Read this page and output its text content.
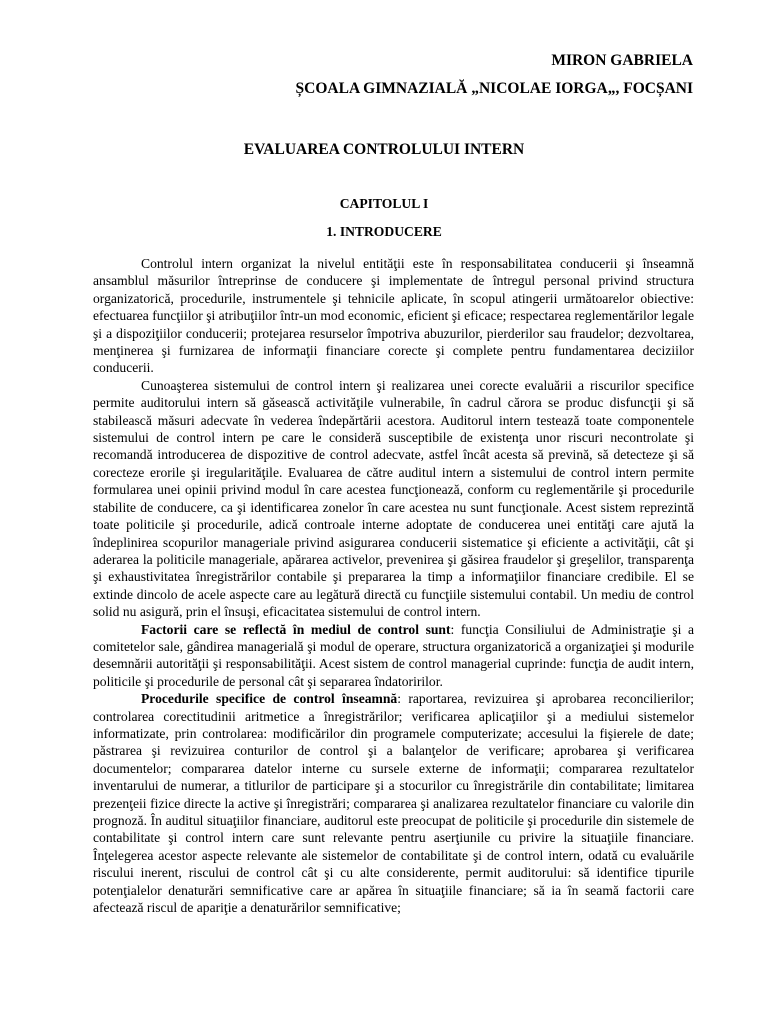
MIRON GABRIELA
ȘCOALA GIMNAZIALĂ „NICOLAE IORGA„, FOCȘANI
EVALUAREA CONTROLULUI INTERN
CAPITOLUL I
1. INTRODUCERE

Controlul intern organizat la nivelul entităţii este în responsabilitatea conducerii şi înseamnă ansamblul măsurilor întreprinse de conducere şi implementate de întregul personal privind structura organizatorică, procedurile, instrumentele şi tehnicile aplicate, în scopul atingerii următoarelor obiective: efectuarea funcţiilor şi atribuţiilor într-un mod economic, eficient şi eficace; respectarea reglementărilor legale şi a dispoziţiilor conducerii; protejarea resurselor împotriva abuzurilor, pierderilor sau fraudelor; dezvoltarea, menţinerea şi furnizarea de informaţii financiare corecte şi complete pentru fundamentarea deciziilor conducerii.

Cunoaşterea sistemului de control intern şi realizarea unei corecte evaluării a riscurilor specifice permite auditorului intern să găsească activităţile vulnerabile, în cadrul cărora se produc disfuncţii şi să stabilească măsuri adecvate în vederea îndepărtării acestora. Auditorul intern testează toate componentele sistemului de control intern pe care le consideră susceptibile de existenţa unor riscuri necontrolate şi recomandă introducerea de dispozitive de control adecvate, astfel încât acesta să prevină, să detecteze şi să corecteze erorile şi iregularităţile. Evaluarea de către auditul intern a sistemului de control intern permite formularea unei opinii privind modul în care acestea funcţionează, conform cu reglementările şi procedurile stabilite de conducere, ca şi identificarea zonelor în care acestea nu sunt funcţionale. Acest sistem reprezintă toate politicile şi procedurile, adică controale interne adoptate de conducerea unei entităţi care ajută la îndeplinirea scopurilor manageriale privind asigurarea conducerii sistematice şi eficiente a activităţii, cât şi aderarea la politicile manageriale, apărarea activelor, prevenirea şi găsirea fraudelor şi greşelilor, transparenţa şi exhaustivitatea înregistrărilor contabile şi prepararea la timp a informaţiilor financiare credibile. El se extinde dincolo de acele aspecte care au legătură directă cu funcţiile sistemului contabil. Un mediu de control solid nu asigură, prin el însuşi, eficacitatea sistemului de control intern.

Factorii care se reflectă în mediul de control sunt: funcţia Consiliului de Administraţie şi a comitetelor sale, gândirea managerială şi modul de operare, structura organizatorică a organizaţiei şi modurile desemnării autorităţii şi responsabilităţii. Acest sistem de control managerial cuprinde: funcţia de audit intern, politicile şi procedurile de personal cât şi separarea îndatoririlor.

Procedurile specifice de control înseamnă: raportarea, revizuirea şi aprobarea reconcilierilor; controlarea corectitudinii aritmetice a înregistrărilor; verificarea aplicaţiilor şi a mediului sistemelor informatizate, prin controlarea: modificărilor din programele computerizate; accesului la fişierele de date; păstrarea şi revizuirea conturilor de control şi a balanţelor de verificare; aprobarea şi verificarea documentelor; compararea datelor interne cu sursele externe de informaţii; compararea rezultatelor inventarului de numerar, a titlurilor de participare şi a stocurilor cu înregistrările din contabilitate; limitarea prezenţeii fizice directe la active şi înregistrări; compararea şi analizarea rezultatelor financiare cu valorile din prognoză. În auditul situaţiilor financiare, auditorul este preocupat de politicile şi procedurile din sistemele de contabilitate şi control intern care sunt relevante pentru aserţiunile cu privire la situaţiile financiare. Înţelegerea acestor aspecte relevante ale sistemelor de contabilitate şi de control intern, odată cu evaluările riscului inerent, riscului de control cât şi cu alte considerente, permit auditorului: să identifice tipurile potenţialelor denaturări semnificative care ar apărea în situaţiile financiare; să ia în seamă factorii care afectează riscul de apariţie a denaturărilor semnificative;
